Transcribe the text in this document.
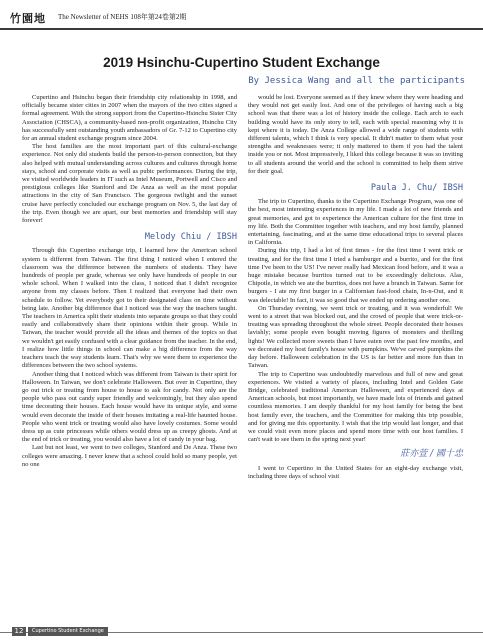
竹園地 The Newsletter of NEHS 108年第24卷第2期
2019 Hsinchu-Cupertino Student Exchange
By Jessica Wang and all the participants

Cupertino and Hsinchu began their friendship city relationship in 1998, and officially became sister cities in 2007 when the mayors of the two cities signed a formal agreement. With the strong support from the Cupertino-Hsinchu Sister City Association (CHSCA), a community-based non-profit organization, Hsinchu City has successfully sent outstanding youth ambassadors of Gr. 7-12 to Cupertino city for an annual student exchange program since 2004.

The host families are the most important part of this cultural-exchange experience. Not only did students build the person-to-person connection, but they also helped with mutual understanding across cultures and cultures through home stays, school and corporate visits as well as pubic performances. During the trip, we visited worldwide leaders in IT such as Intel Museum, Portwell and Cisco and prestigious colleges like Stanford and De Anza as well as the most popular attractions in the city of San Francisco. The gorgeous twilight and the sunset cruise have perfectly concluded our exchange program on Nov. 5, the last day of the trip. Even though we are apart, our best memories and friendship will stay forever!

Melody Chiu / IBSH

Through this Cupertino exchange trip, I learned how the American school system is different from Taiwan. The first thing I noticed when I entered the classroom was the difference between the numbers of students. They have hundreds of people per grade, whereas we only have hundreds of people in our whole school. When I walked into the class, I noticed that I didn't recognize anyone from my classes before. Then I realized that everyone had their own schedule to follow. Yet everybody got to their designated class on time without being late. Another big difference that I noticed was the way the teachers taught. The teachers in America split their students into separate groups so that they could easily and collaboratively share their opinions within their group. While in Taiwan, the teacher would provide all the ideas and themes of the topics so that we wouldn't get easily confused with a clear guidance from the teacher. In the end, I realize how little things in school can make a big difference from the way teachers teach the way students learn. That's why we were there to experience the differences between the two school systems.

Another thing that I noticed which was different from Taiwan is their spirit for Halloween. In Taiwan, we don't celebrate Halloween. But over in Cupertino, they go out trick or treating from house to house to ask for candy. Not only are the people who pass out candy super friendly and welcomingly, but they also spend time decorating their houses. Each house would have its unique style, and some would even decorate the inside of their houses imitating a real-life haunted house. People who went trick or treating would also have lovely costumes. Some would dress up as cute princesses while others would dress up as creepy ghosts. And at the end of trick or treating, you would also have a lot of candy in your bag.

Last but not least, we went to two colleges, Stanford and De Anza. These two colleges were amazing. I never knew that a school could hold so many people, yet no one

would be lost. Everyone seemed as if they knew where they were heading and they would not get easily lost. And one of the privileges of having such a big school was that there was a lot of history inside the college. Each arch to each building would have its only story to tell, each with special reasoning why it is kept where it is today. De Anza College allowed a wide range of students with different talents, which I think is very special. It didn't matter to them what your strengths and weaknesses were; it only mattered to them if you had the talent inside you or not. Most impressively, I liked this college because it was so inviting to all students around the world and the school is committed to help them strive for their goal.

Paula J. Chu/ IBSH

The trip to Cupertino, thanks to the Cupertino Exchange Program, was one of the best, most interesting experiences in my life. I made a lot of new friends and great memories, and got to experience the American culture for the first time in my life. Both the Committee together with teachers, and my host family, planned entertaining, fascinating, and at the same time educational trips to several places in California.

During this trip, I had a lot of first times - for the first time I went trick or treating, and for the first time I tried a hamburger and a burrito, and for the first time I've been to the US! I've never really had Mexican food before, and it was a huge mistake because burritos turned out to be exceedingly delicious. Alas, Chipotle, in which we ate the burritos, does not have a branch in Taiwan. Same for burgers - I ate my first burger in a Californian fast-food chain, In-n-Out, and it was delectable! In fact, it was so good that we ended up ordering another one.

On Thursday evening, we went trick or treating, and it was wonderful! We went to a street that was blocked out, and the crowd of people that were trick-or-treating was spreading throughout the whole street. People decorated their houses lavishly; some people even bought moving figures of monsters and thrilling lights! We collected more sweets than I have eaten over the past few months, and we decorated my host family's house with pumpkins. We've carved pumpkins the day before. Halloween celebration in the US is far better and more fun than in Taiwan.

The trip to Cupertino was undoubtedly marvelous and full of new and great experiences. We visited a variety of places, including Intel and Golden Gate Bridge, celebrated traditional American Halloween, and experienced days at American schools, but most importantly, we have made lots of friends and gained countless memories. I am deeply thankful for my host family for being the best host family ever, the teachers, and the Committee for making this trip possible, and for giving me this opportunity. I wish that the trip would last longer, and that we could visit even more places and spend more time with our host families. I can't wait to see them in the spring next year!

莊亦萱 / 國十忠

I went to Cupertino in the United States for an eight-day exchange visit, including three days of school visit

12	Cupertino Student Exchange
